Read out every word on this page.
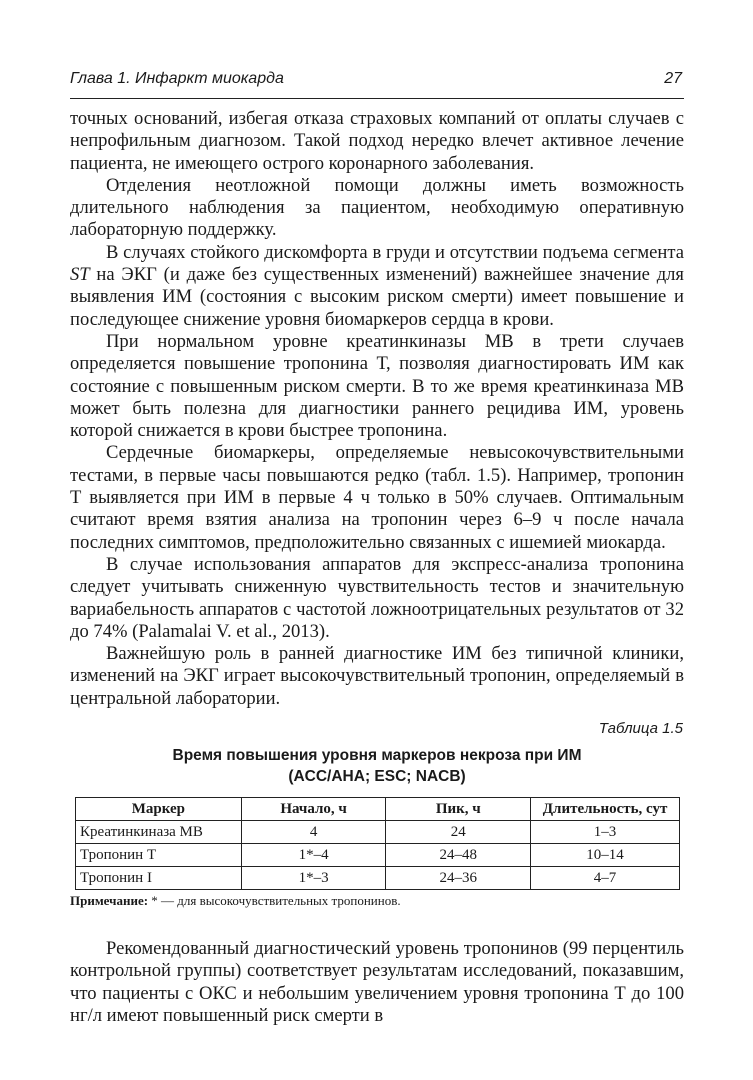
Глава 1. Инфаркт миокарда	27

точных оснований, избегая отказа страховых компаний от оплаты случаев с непрофильным диагнозом. Такой подход нередко влечет активное лечение пациента, не имеющего острого коронарного заболевания.

Отделения неотложной помощи должны иметь возможность длительного наблюдения за пациентом, необходимую оперативную лабораторную поддержку.

В случаях стойкого дискомфорта в груди и отсутствии подъема сегмента ST на ЭКГ (и даже без существенных изменений) важнейшее значение для выявления ИМ (состояния с высоким риском смерти) имеет повышение и последующее снижение уровня биомаркеров сердца в крови.

При нормальном уровне креатинкиназы МВ в трети случаев определяется повышение тропонина Т, позволяя диагностировать ИМ как состояние с повышенным риском смерти. В то же время креатинкиназа МВ может быть полезна для диагностики раннего рецидива ИМ, уровень которой снижается в крови быстрее тропонина.

Сердечные биомаркеры, определяемые невысокочувствительными тестами, в первые часы повышаются редко (табл. 1.5). Например, тропонин Т выявляется при ИМ в первые 4 ч только в 50% случаев. Оптимальным считают время взятия анализа на тропонин через 6–9 ч после начала последних симптомов, предположительно связанных с ишемией миокарда.

В случае использования аппаратов для экспресс-анализа тропонина следует учитывать сниженную чувствительность тестов и значительную вариабельность аппаратов с частотой ложноотрицательных результатов от 32 до 74% (Palamalai V. et al., 2013).

Важнейшую роль в ранней диагностике ИМ без типичной клиники, изменений на ЭКГ играет высокочувствительный тропонин, определяемый в центральной лаборатории.

Таблица 1.5
Время повышения уровня маркеров некроза при ИМ
(ACC/AHA; ESC; NACB)
Маркер	Начало, ч	Пик, ч	Длительность, сут
Креатинкиназа МВ	4	24	1–3
Тропонин Т	1*–4	24–48	10–14
Тропонин I	1*–3	24–36	4–7
Примечание: * — для высокочувствительных тропонинов.

Рекомендованный диагностический уровень тропонинов (99 перцентиль контрольной группы) соответствует результатам исследований, показавшим, что пациенты с ОКС и небольшим увеличением уровня тропонина Т до 100 нг/л имеют повышенный риск смерти в
